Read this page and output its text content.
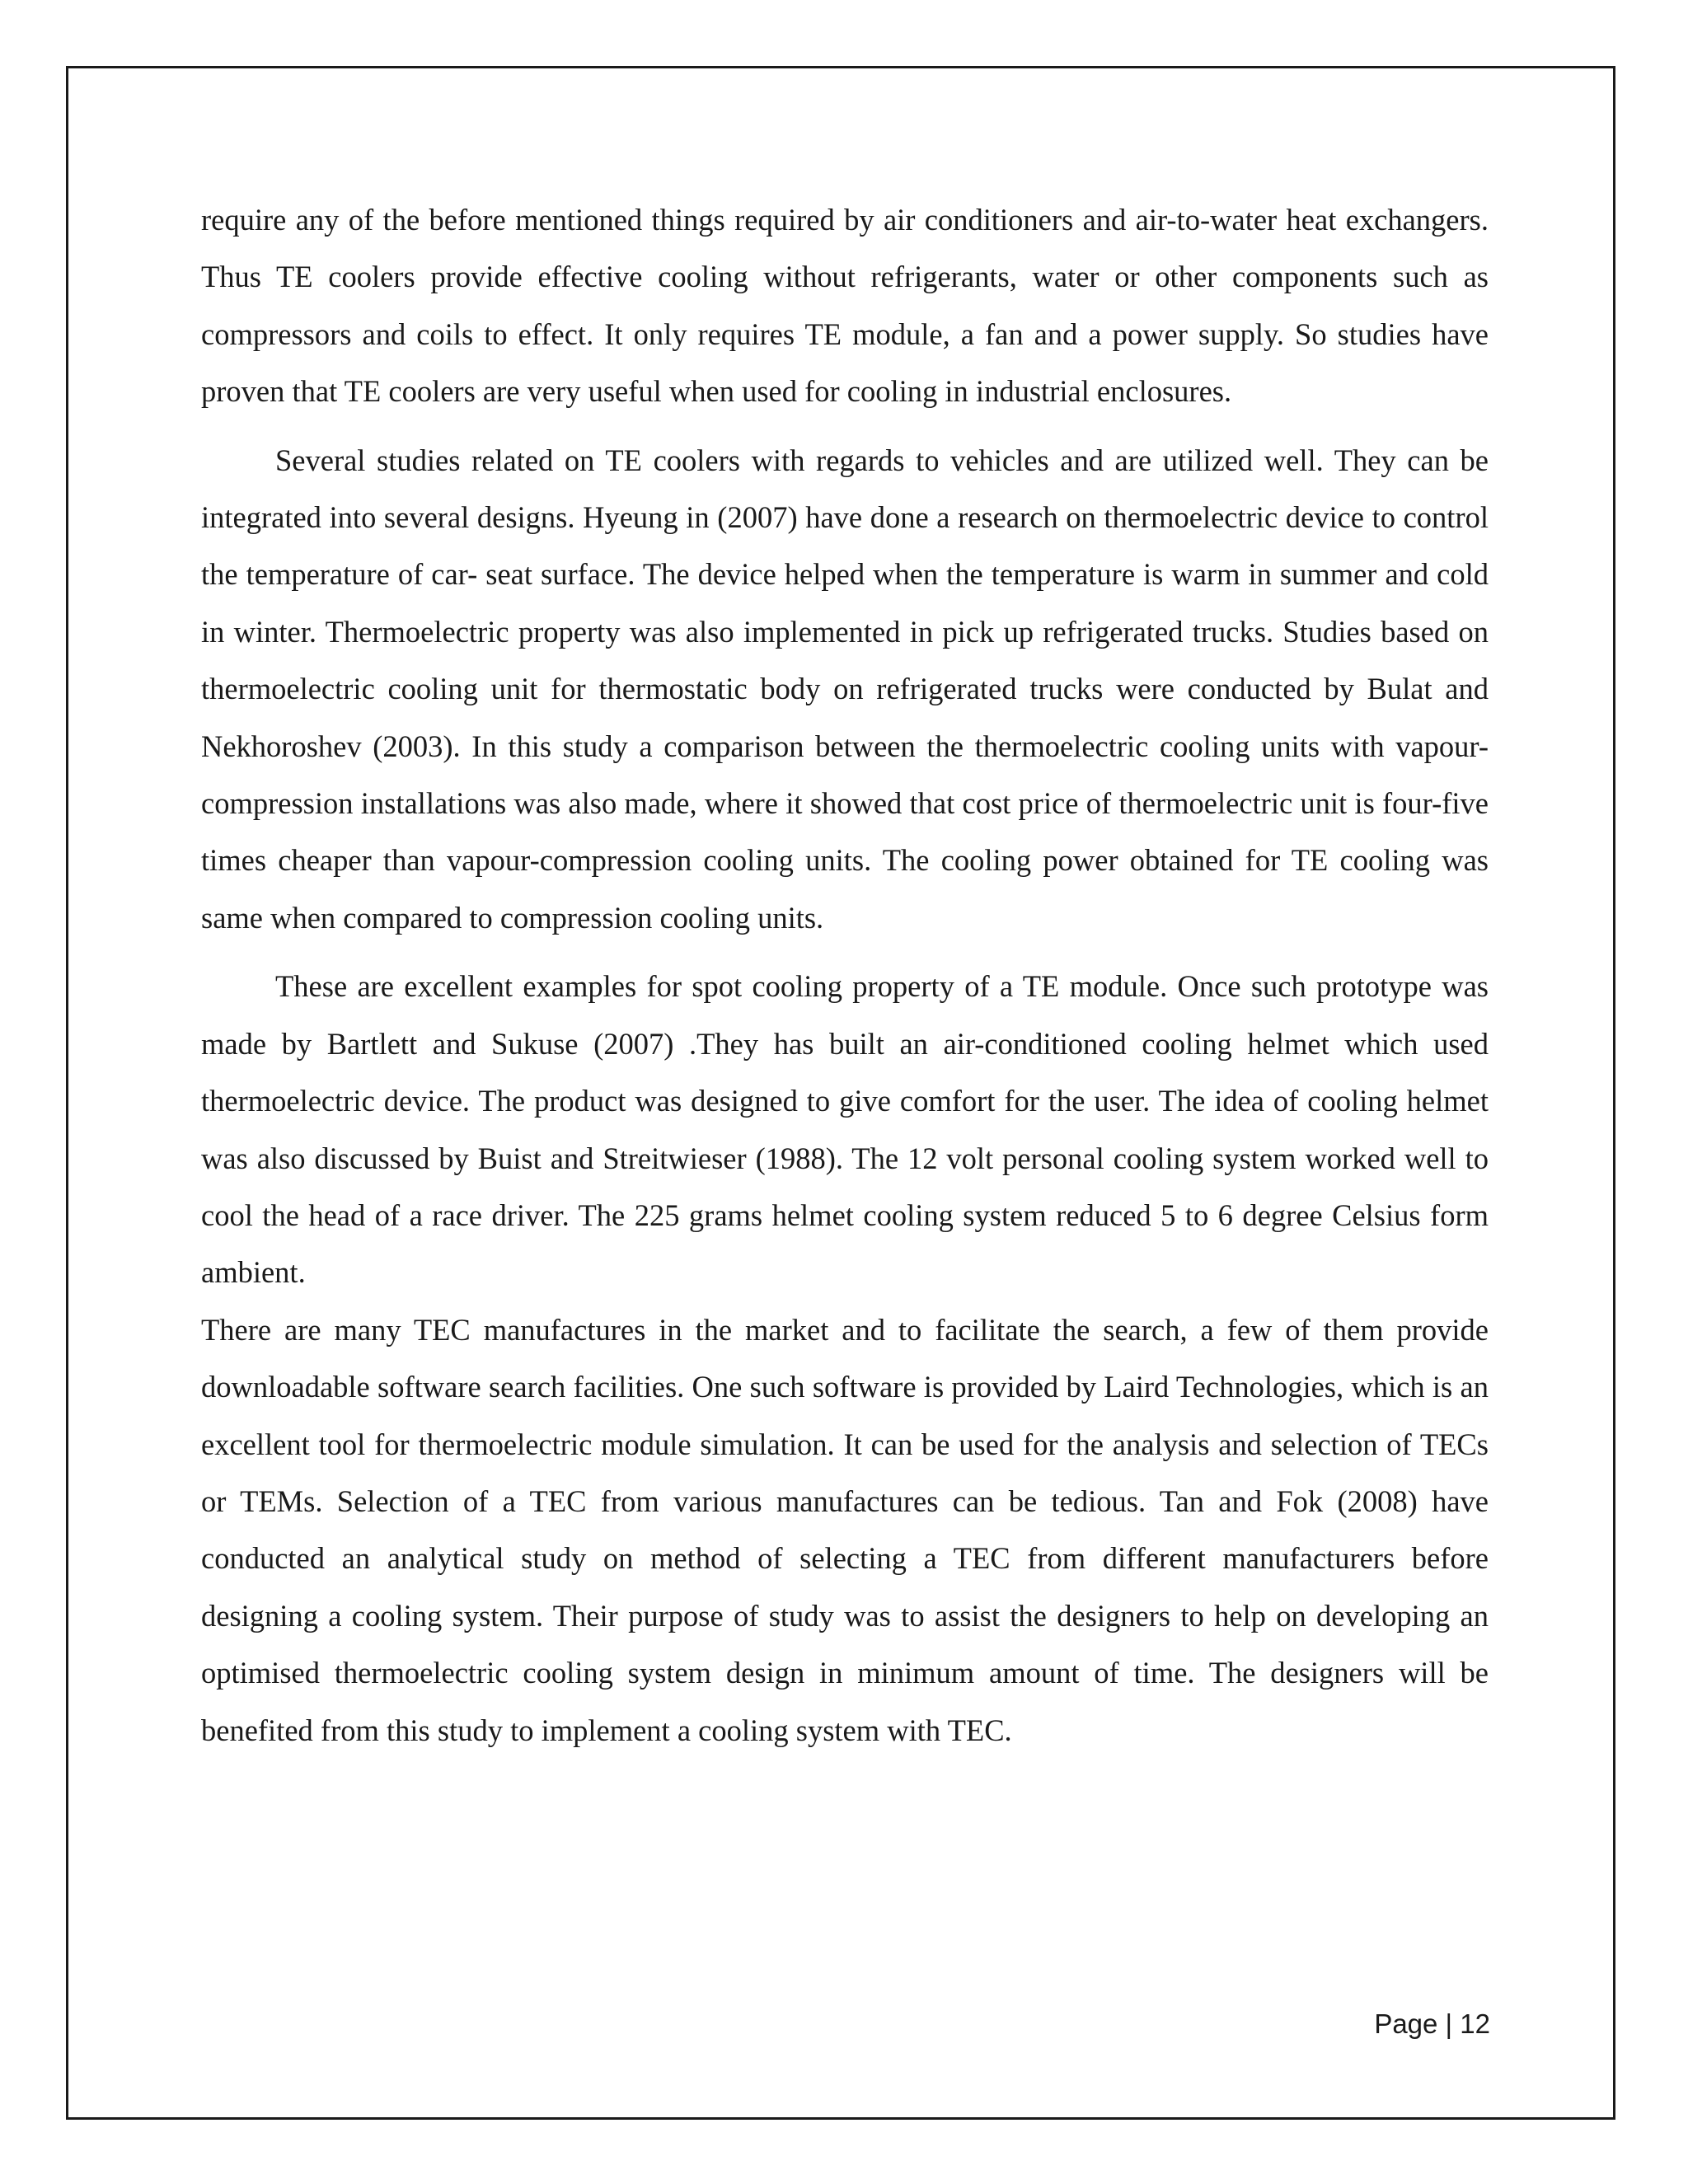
require any of the before mentioned things required by air conditioners and air-to-water heat exchangers. Thus TE coolers provide effective cooling without refrigerants, water or other components such as compressors and coils to effect. It only requires TE module, a fan and a power supply. So studies have proven that TE coolers are very useful when used for cooling in industrial enclosures.

Several studies related on TE coolers with regards to vehicles and are utilized well. They can be integrated into several designs. Hyeung in (2007) have done a research on thermoelectric device to control the temperature of car- seat surface. The device helped when the temperature is warm in summer and cold in winter. Thermoelectric property was also implemented in pick up refrigerated trucks. Studies based on thermoelectric cooling unit for thermostatic body on refrigerated trucks were conducted by Bulat and Nekhoroshev (2003). In this study a comparison between the thermoelectric cooling units with vapour-compression installations was also made, where it showed that cost price of thermoelectric unit is four-five times cheaper than vapour-compression cooling units. The cooling power obtained for TE cooling was same when compared to compression cooling units.

These are excellent examples for spot cooling property of a TE module. Once such prototype was made by Bartlett and Sukuse (2007) .They has built an air-conditioned cooling helmet which used thermoelectric device. The product was designed to give comfort for the user. The idea of cooling helmet was also discussed by Buist and Streitwieser (1988). The 12 volt personal cooling system worked well to cool the head of a race driver. The 225 grams helmet cooling system reduced 5 to 6 degree Celsius form ambient.

There are many TEC manufactures in the market and to facilitate the search, a few of them provide downloadable software search facilities. One such software is provided by Laird Technologies, which is an excellent tool for thermoelectric module simulation. It can be used for the analysis and selection of TECs or TEMs. Selection of a TEC from various manufactures can be tedious. Tan and Fok (2008) have conducted an analytical study on method of selecting a TEC from different manufacturers before designing a cooling system. Their purpose of study was to assist the designers to help on developing an optimised thermoelectric cooling system design in minimum amount of time. The designers will be benefited from this study to implement a cooling system with TEC.

Page | 12
